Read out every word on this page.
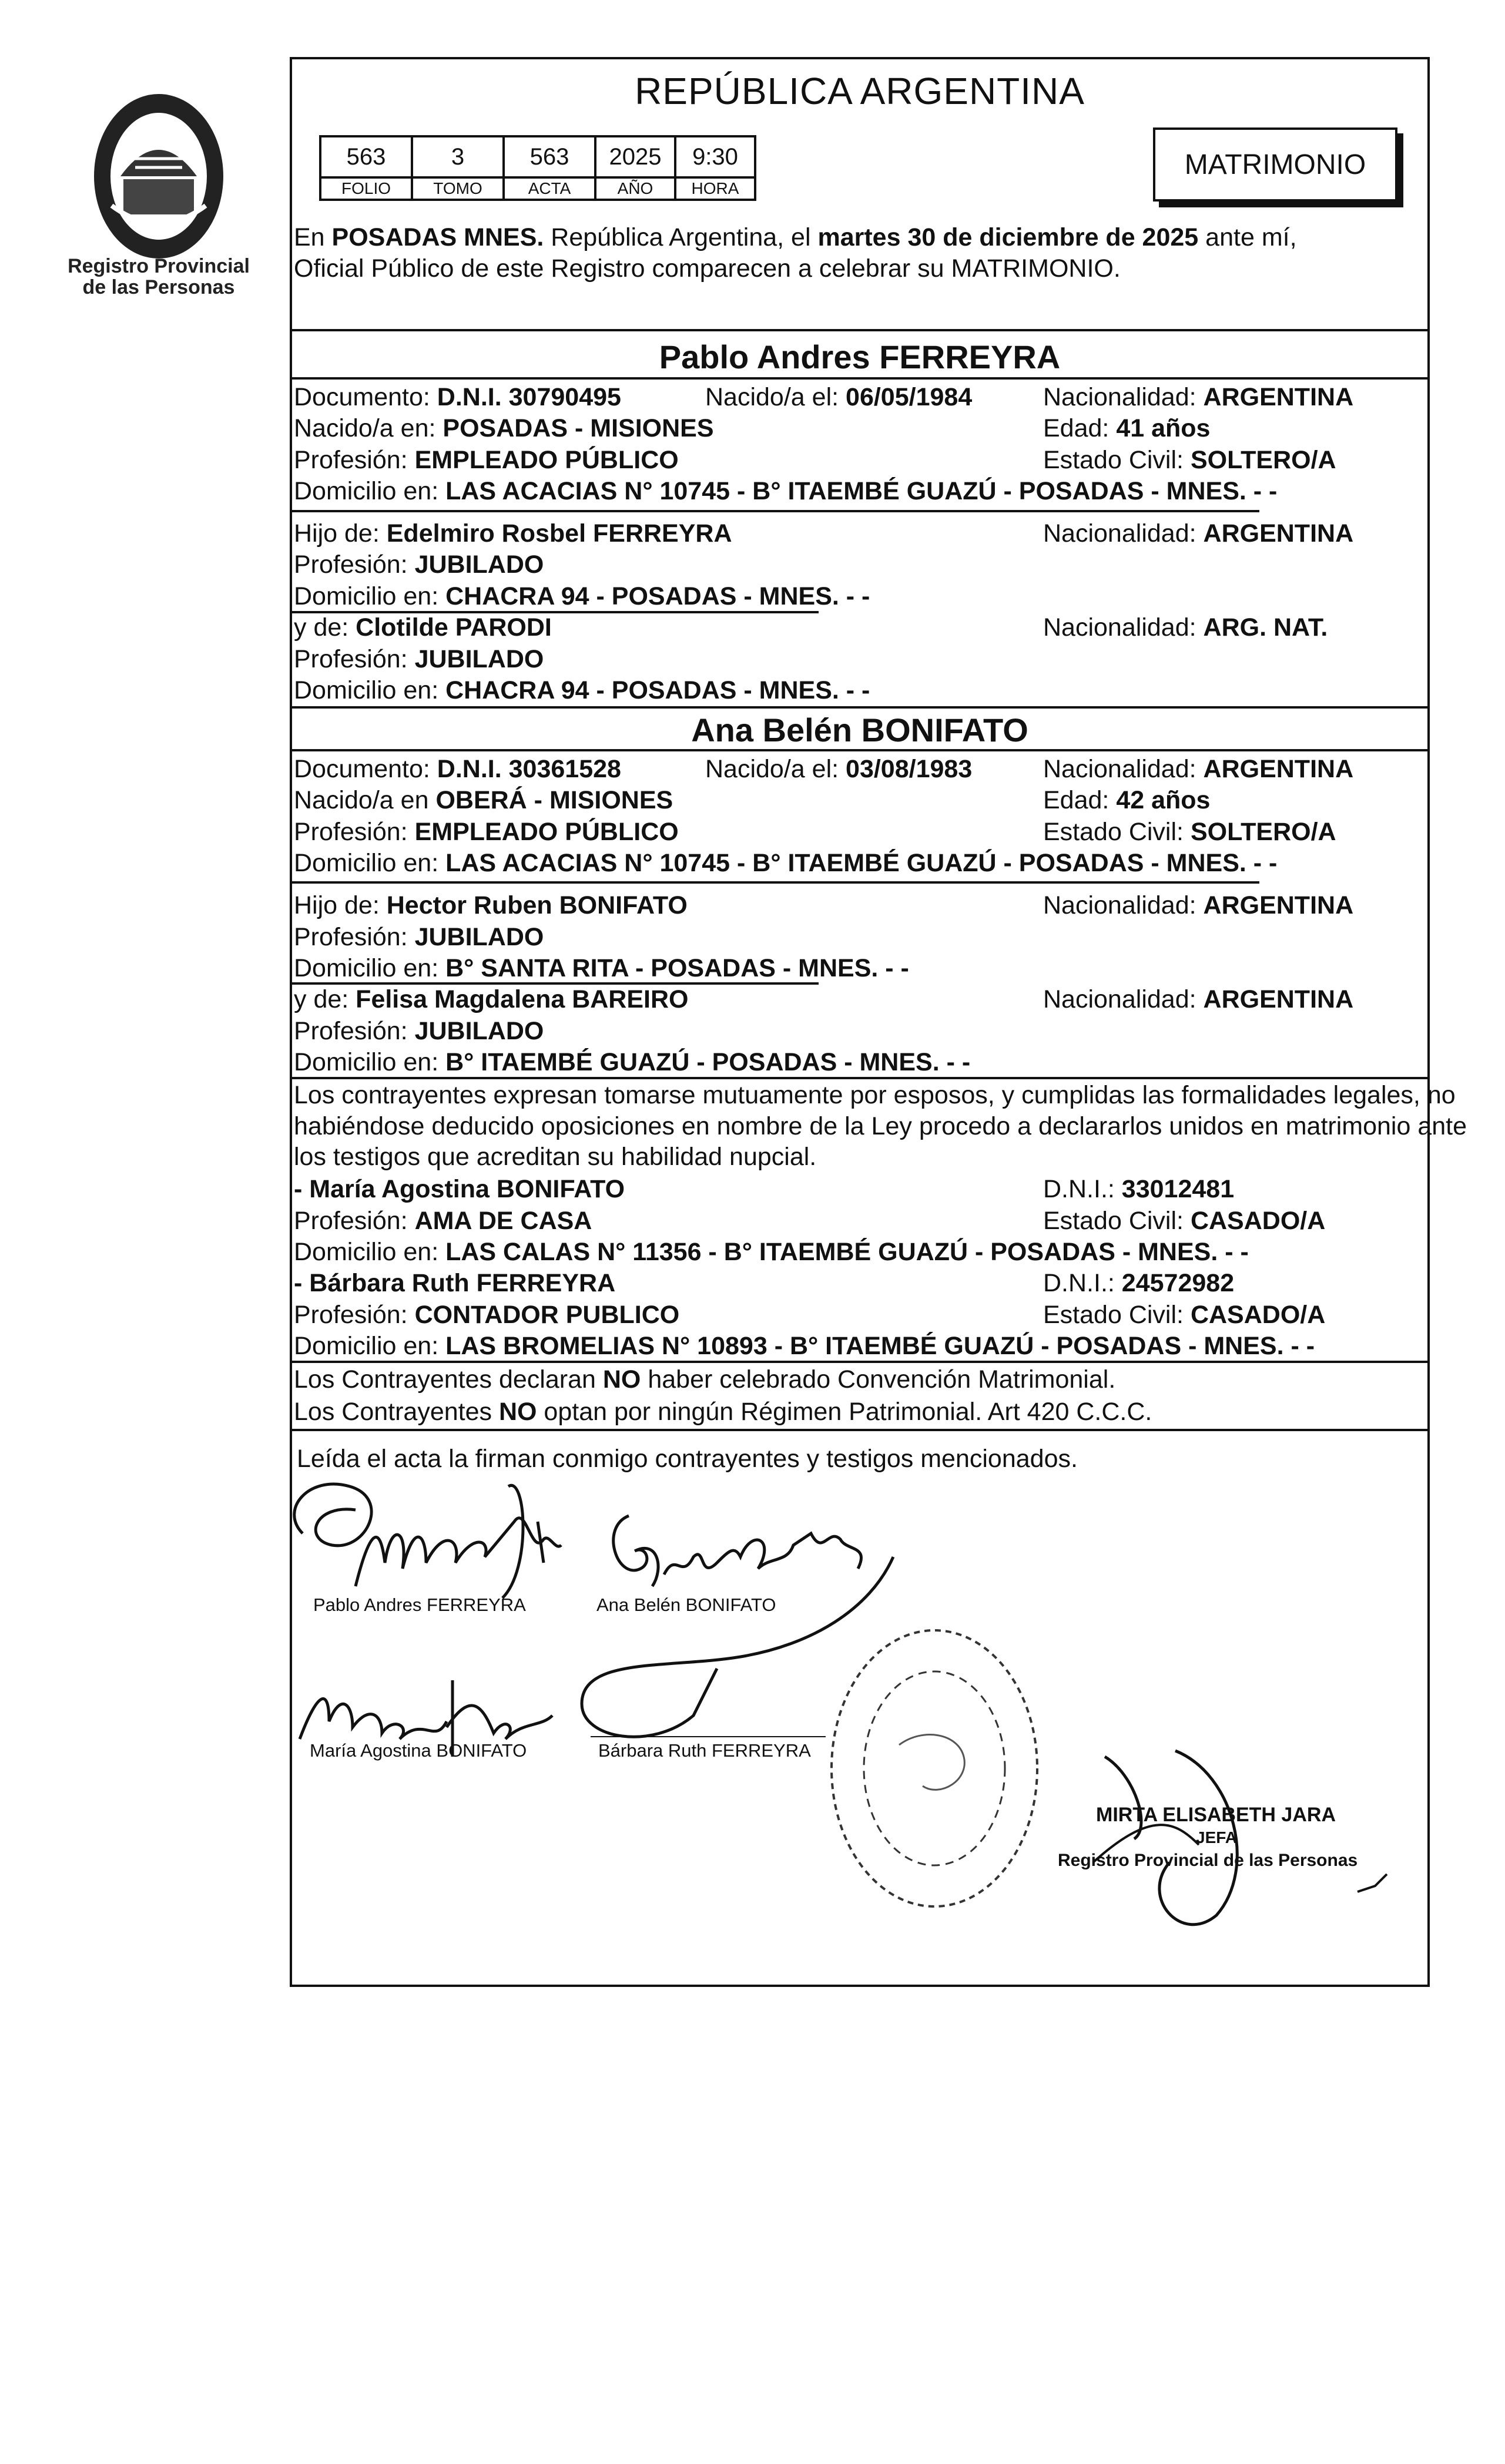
Registro Provincial
de las Personas
REPÚBLICA ARGENTINA
563	3	563	2025	9:30
FOLIO	TOMO	ACTA	AÑO	HORA
MATRIMONIO
En POSADAS MNES. República Argentina, el martes 30 de diciembre de 2025 ante mí,
Oficial Público de este Registro comparecen a celebrar su MATRIMONIO.
Pablo Andres FERREYRA
Documento: D.N.I. 30790495	Nacido/a el: 06/05/1984	Nacionalidad: ARGENTINA
Nacido/a en: POSADAS - MISIONES	Edad: 41 años
Profesión: EMPLEADO PÚBLICO	Estado Civil: SOLTERO/A
Domicilio en: LAS ACACIAS N° 10745 - B° ITAEMBÉ GUAZÚ - POSADAS - MNES. - -
Hijo de: Edelmiro Rosbel FERREYRA	Nacionalidad: ARGENTINA
Profesión: JUBILADO
Domicilio en: CHACRA 94 - POSADAS - MNES. - -
y de: Clotilde PARODI	Nacionalidad: ARG. NAT.
Profesión: JUBILADO
Domicilio en: CHACRA 94 - POSADAS - MNES. - -
Ana Belén BONIFATO
Documento: D.N.I. 30361528	Nacido/a el: 03/08/1983	Nacionalidad: ARGENTINA
Nacido/a en OBERÁ - MISIONES	Edad: 42 años
Profesión: EMPLEADO PÚBLICO	Estado Civil: SOLTERO/A
Domicilio en: LAS ACACIAS N° 10745 - B° ITAEMBÉ GUAZÚ - POSADAS - MNES. - -
Hijo de: Hector Ruben BONIFATO	Nacionalidad: ARGENTINA
Profesión: JUBILADO
Domicilio en: B° SANTA RITA - POSADAS - MNES. - -
y de: Felisa Magdalena BAREIRO	Nacionalidad: ARGENTINA
Profesión: JUBILADO
Domicilio en: B° ITAEMBÉ GUAZÚ - POSADAS - MNES. - -
Los contrayentes expresan tomarse mutuamente por esposos, y cumplidas las formalidades legales, no
habiéndose deducido oposiciones en nombre de la Ley procedo a declararlos unidos en matrimonio ante
los testigos que acreditan su habilidad nupcial.
- María Agostina BONIFATO	D.N.I.: 33012481
Profesión: AMA DE CASA	Estado Civil: CASADO/A
Domicilio en: LAS CALAS N° 11356 - B° ITAEMBÉ GUAZÚ - POSADAS - MNES. - -
- Bárbara Ruth FERREYRA	D.N.I.: 24572982
Profesión: CONTADOR PUBLICO	Estado Civil: CASADO/A
Domicilio en: LAS BROMELIAS N° 10893 - B° ITAEMBÉ GUAZÚ - POSADAS - MNES. - -
Los Contrayentes declaran NO haber celebrado Convención Matrimonial.
Los Contrayentes NO optan por ningún Régimen Patrimonial. Art 420 C.C.C.
Leída el acta la firman conmigo contrayentes y testigos mencionados.
Pablo Andres FERREYRA	Ana Belén BONIFATO
María Agostina BONIFATO	Bárbara Ruth FERREYRA
MIRTA ELISABETH JARA
JEFA
Registro Provincial de las Personas
